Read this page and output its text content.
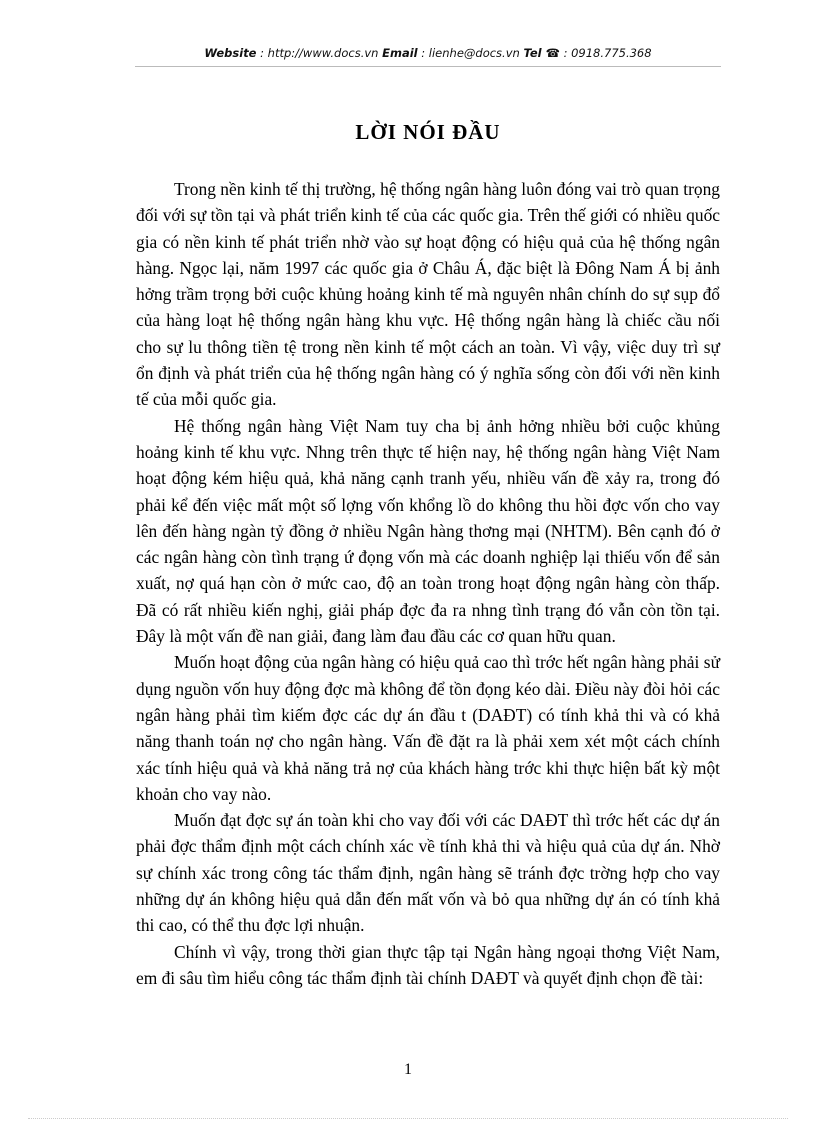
Website : http://www.docs.vn Email : lienhe@docs.vn Tel ☎ : 0918.775.368
LỜI NÓI ĐẦU

Trong nền kinh tế thị trường, hệ thống ngân hàng luôn đóng vai trò quan trọng đối với sự tồn tại và phát triển kinh tế của các quốc gia. Trên thế giới có nhiều quốc gia có nền kinh tế phát triển nhờ vào sự hoạt động có hiệu quả của hệ thống ngân hàng. Ngọc lại, năm 1997 các quốc gia ở Châu Á, đặc biệt là Đông Nam Á bị ảnh hởng trầm trọng bởi cuộc khủng hoảng kinh tế mà nguyên nhân chính do sự sụp đổ của hàng loạt hệ thống ngân hàng khu vực. Hệ thống ngân hàng là chiếc cầu nối cho sự lu thông tiền tệ trong nền kinh tế một cách an toàn. Vì vậy, việc duy trì sự ổn định và phát triển của hệ thống ngân hàng có ý nghĩa sống còn đối với nền kinh tế của mỗi quốc gia.

Hệ thống ngân hàng Việt Nam tuy cha bị ảnh hởng nhiều bởi cuộc khủng hoảng kinh tế khu vực. Nhng trên thực tế hiện nay, hệ thống ngân hàng Việt Nam hoạt động kém hiệu quả, khả năng cạnh tranh yếu, nhiều vấn đề xảy ra, trong đó phải kể đến việc mất một số lợng vốn khổng lồ do không thu hồi đợc vốn cho vay lên đến hàng ngàn tỷ đồng ở nhiều Ngân hàng thơng mại (NHTM). Bên cạnh đó ở các ngân hàng còn tình trạng ứ đọng vốn mà các doanh nghiệp lại thiếu vốn để sản xuất, nợ quá hạn còn ở mức cao, độ an toàn trong hoạt động ngân hàng còn thấp. Đã có rất nhiều kiến nghị, giải pháp đợc đa ra nhng tình trạng đó vẫn còn tồn tại. Đây là một vấn đề nan giải, đang làm đau đầu các cơ quan hữu quan.

Muốn hoạt động của ngân hàng có hiệu quả cao thì trớc hết ngân hàng phải sử dụng nguồn vốn huy động đợc mà không để tồn đọng kéo dài. Điều này đòi hỏi các ngân hàng phải tìm kiếm đợc các dự án đầu t (DAĐT) có tính khả thi và có khả năng thanh toán nợ cho ngân hàng. Vấn đề đặt ra là phải xem xét một cách chính xác tính hiệu quả và khả năng trả nợ của khách hàng trớc khi thực hiện bất kỳ một khoản cho vay nào.

Muốn đạt đợc sự án toàn khi cho vay đối với các DAĐT thì trớc hết các dự án phải đợc thẩm định một cách chính xác về tính khả thi và hiệu quả của dự án. Nhờ sự chính xác trong công tác thẩm định, ngân hàng sẽ tránh đợc trờng hợp cho vay những dự án không hiệu quả dẫn đến mất vốn và bỏ qua những dự án có tính khả thi cao, có thể thu đợc lợi nhuận.

Chính vì vậy, trong thời gian thực tập tại Ngân hàng ngoại thơng Việt Nam, em đi sâu tìm hiểu công tác thẩm định tài chính DAĐT và quyết định chọn đề tài:

1
